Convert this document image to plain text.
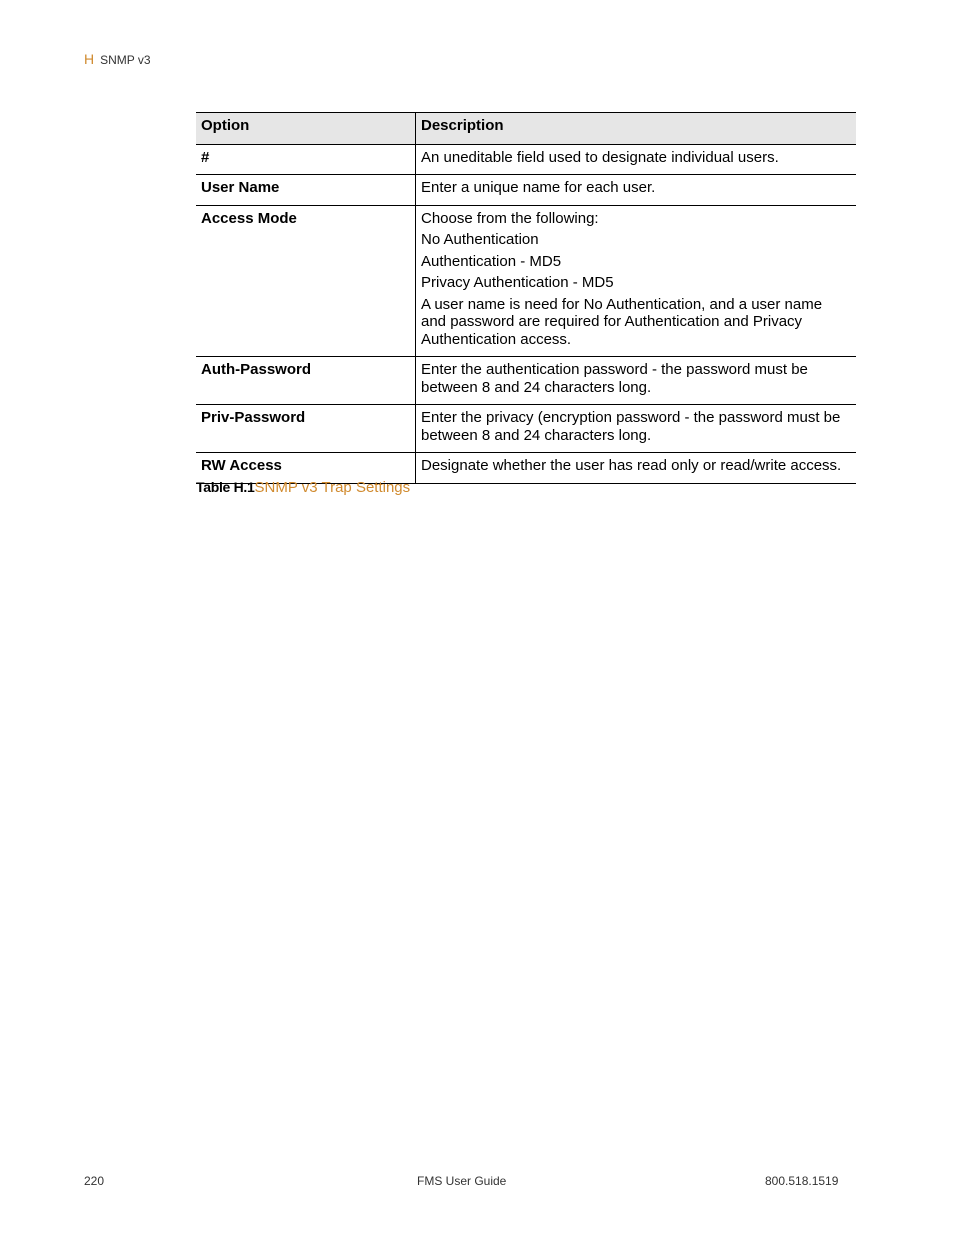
H SNMP v3
Option	Description
#	An uneditable field used to designate individual users.

User Name	Enter a unique name for each user.

Access Mode	Choose from the following:

No Authentication

Authentication - MD5

Privacy Authentication - MD5

A user name is need for No Authentication, and a user name and password are required for Authentication and Privacy Authentication access.

Auth-Password	Enter the authentication password - the password must be between 8 and 24 characters long.

Priv-Password	Enter the privacy (encryption password - the password must be between 8 and 24 characters long.

RW Access	Designate whether the user has read only or read/write access.

Table H.1 SNMP v3 Trap Settings
220	FMS User Guide	800.518.1519
